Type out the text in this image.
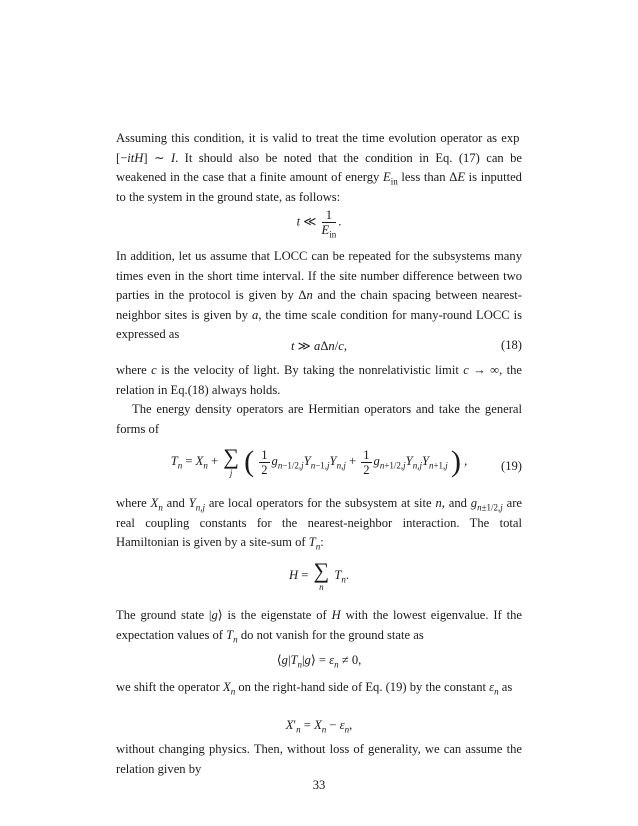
Assuming this condition, it is valid to treat the time evolution operator as exp [−itH] ∼ I. It should also be noted that the condition in Eq. (17) can be weakened in the case that a finite amount of energy $E_{in}$ less than ΔE is inputted to the system in the ground state, as follows:
t ≪ $\frac{1}{E_{in}}$ .
In addition, let us assume that LOCC can be repeated for the subsystems many times even in the short time interval. If the site number difference between two parties in the protocol is given by Δn and the chain spacing between nearest-neighbor sites is given by a, the time scale condition for many-round LOCC is expressed as
t ≫ aΔn/c,	(18)
where c is the velocity of light. By taking the nonrelativistic limit c → ∞, the relation in Eq.(18) always holds.
The energy density operators are Hermitian operators and take the general forms of
$T_n = X_n$ + ∑
j ( $\frac{1}{2} g_{n-1/2,j}Y_{n-1,j}Y_{n,j} + \frac{1}{2} g_{n+1/2,j}Y_{n,j}Y_{n+1,j}$ ) ,	(19)
where $X_n$ and $Y_{n,j}$ are local operators for the subsystem at site n, and $g_{n\pm 1/2,j}$ are real coupling constants for the nearest-neighbor interaction. The total Hamiltonian is given by a site-sum of $T_n$:
H = ∑
n
$T_n$.
The ground state |g⟩ is the eigenstate of H with the lowest eigenvalue. If the expectation values of $T_n$ do not vanish for the ground state as
$⟨g|T_n|g⟩ = \varepsilon_n \ne 0$,
we shift the operator $X_n$ on the right-hand side of Eq. (19) by the constant $\varepsilon_n$ as
33
$X'_n = X_n - \varepsilon_n$,
without changing physics. Then, without loss of generality, we can assume the relation given by
